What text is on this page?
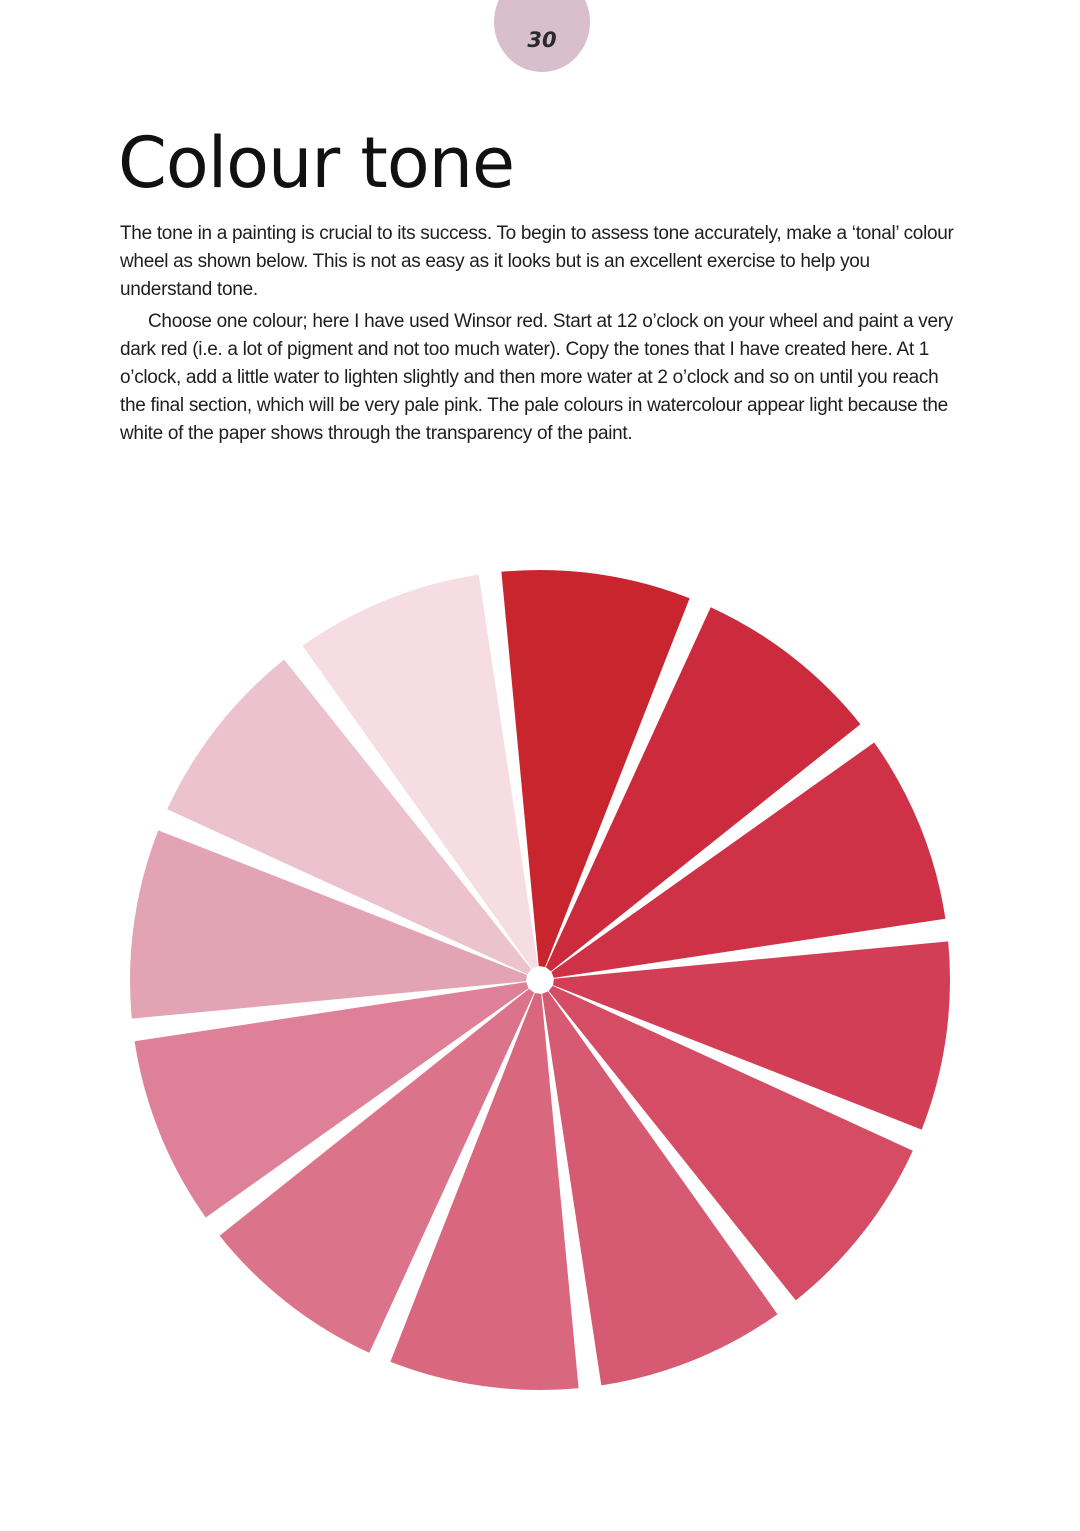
30
Colour tone

The tone in a painting is crucial to its success. To begin to assess tone accurately, make a ‘tonal’ colour wheel as shown below. This is not as easy as it looks but is an excellent exercise to help you understand tone.

Choose one colour; here I have used Winsor red. Start at 12 o’clock on your wheel and paint a very dark red (i.e. a lot of pigment and not too much water). Copy the tones that I have created here. At 1 o’clock, add a little water to lighten slightly and then more water at 2 o’clock and so on until you reach the final section, which will be very pale pink. The pale colours in watercolour appear light because the white of the paper shows through the transparency of the paint.
